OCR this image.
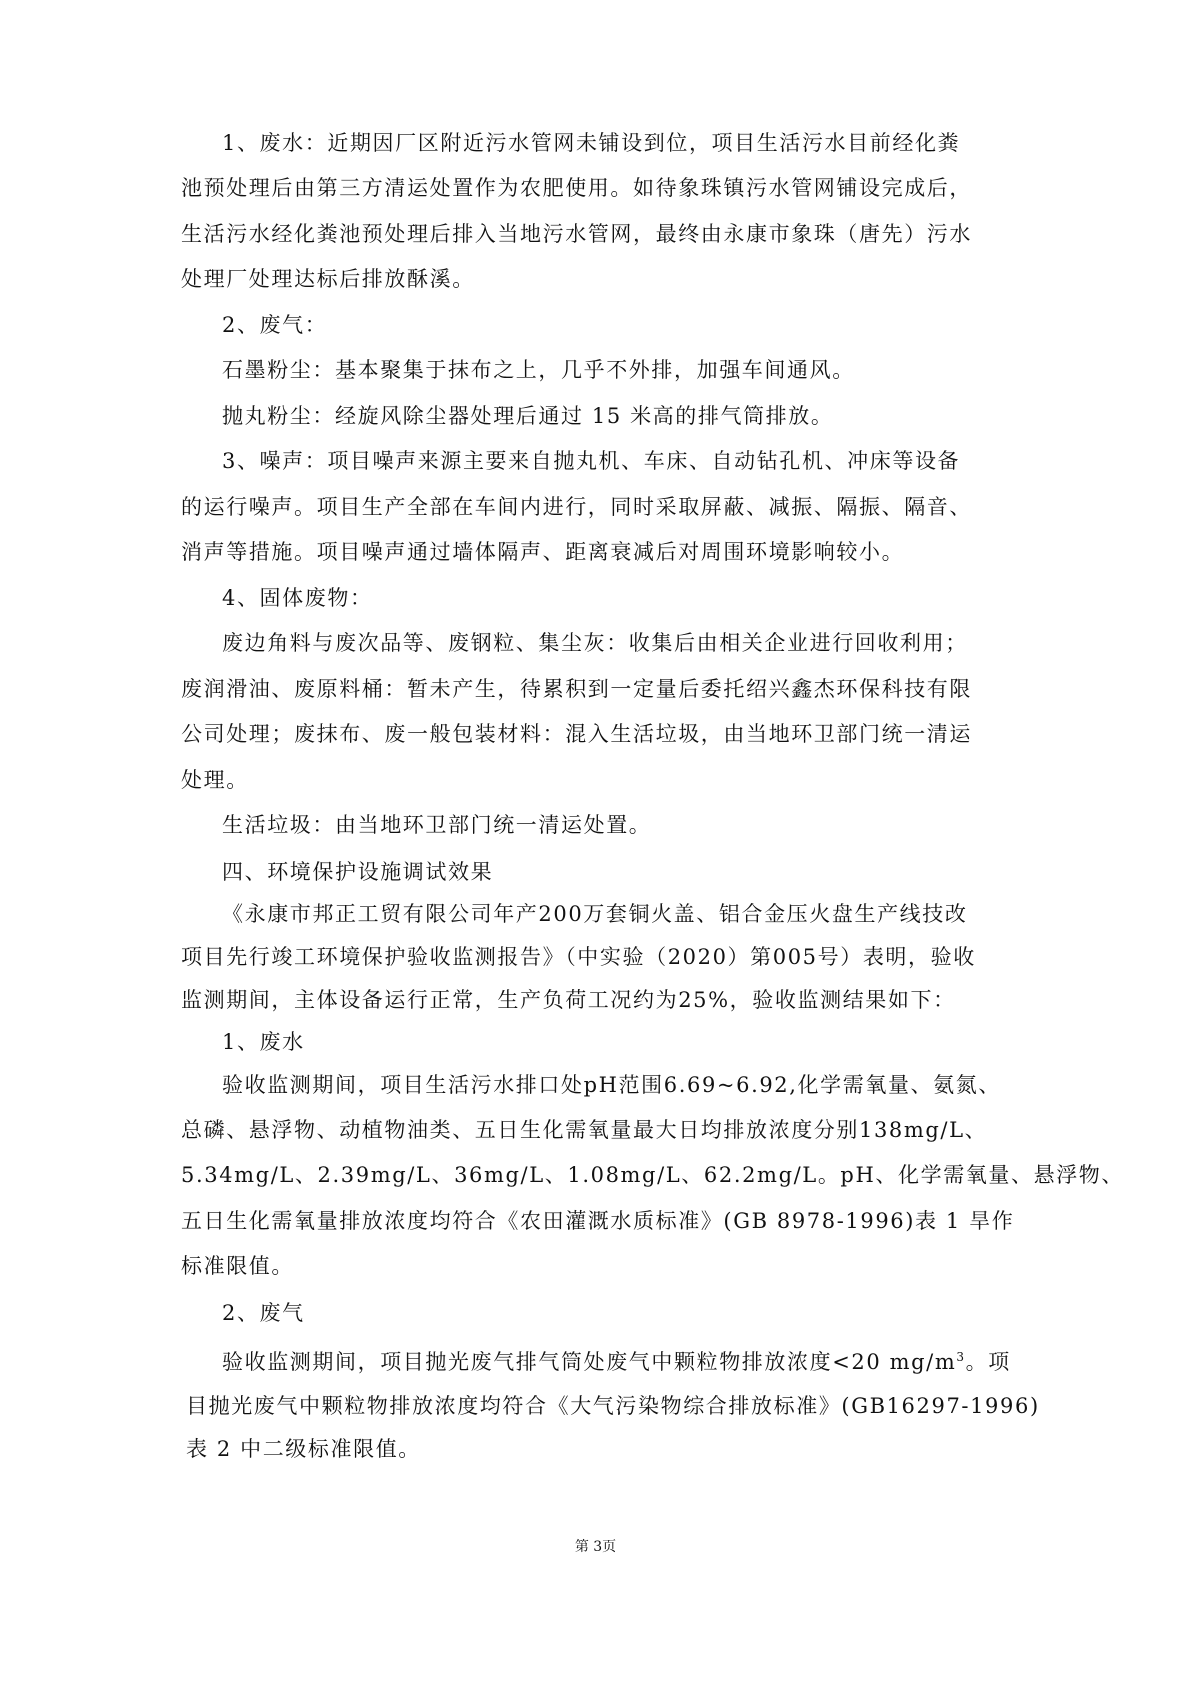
1、废水：近期因厂区附近污水管网未铺设到位，项目生活污水目前经化粪
池预处理后由第三方清运处置作为农肥使用。如待象珠镇污水管网铺设完成后，
生活污水经化粪池预处理后排入当地污水管网，最终由永康市象珠（唐先）污水
处理厂处理达标后排放酥溪。
2、废气：
石墨粉尘：基本聚集于抹布之上，几乎不外排，加强车间通风。
抛丸粉尘：经旋风除尘器处理后通过 15 米高的排气筒排放。
3、噪声：项目噪声来源主要来自抛丸机、车床、自动钻孔机、冲床等设备
的运行噪声。项目生产全部在车间内进行，同时采取屏蔽、减振、隔振、隔音、
消声等措施。项目噪声通过墙体隔声、距离衰减后对周围环境影响较小。
4、固体废物：
废边角料与废次品等、废钢粒、集尘灰：收集后由相关企业进行回收利用；
废润滑油、废原料桶：暂未产生，待累积到一定量后委托绍兴鑫杰环保科技有限
公司处理；废抹布、废一般包装材料：混入生活垃圾，由当地环卫部门统一清运
处理。
生活垃圾：由当地环卫部门统一清运处置。
四、环境保护设施调试效果
《永康市邦正工贸有限公司年产200万套铜火盖、铝合金压火盘生产线技改
项目先行竣工环境保护验收监测报告》（中实验（2020）第005号）表明，验收
监测期间，主体设备运行正常，生产负荷工况约为25%，验收监测结果如下：
1、废水
验收监测期间，项目生活污水排口处pH范围6.69~6.92,化学需氧量、氨氮、
总磷、悬浮物、动植物油类、五日生化需氧量最大日均排放浓度分别138mg/L、
5.34mg/L、2.39mg/L、36mg/L、1.08mg/L、62.2mg/L。pH、化学需氧量、悬浮物、
五日生化需氧量排放浓度均符合《农田灌溉水质标准》(GB 8978-1996)表 1 旱作
标准限值。
2、废气
验收监测期间，项目抛光废气排气筒处废气中颗粒物排放浓度<20 $mg/m^3$。项
目抛光废气中颗粒物排放浓度均符合《大气污染物综合排放标准》(GB16297-1996)
表 2 中二级标准限值。
第 3页
